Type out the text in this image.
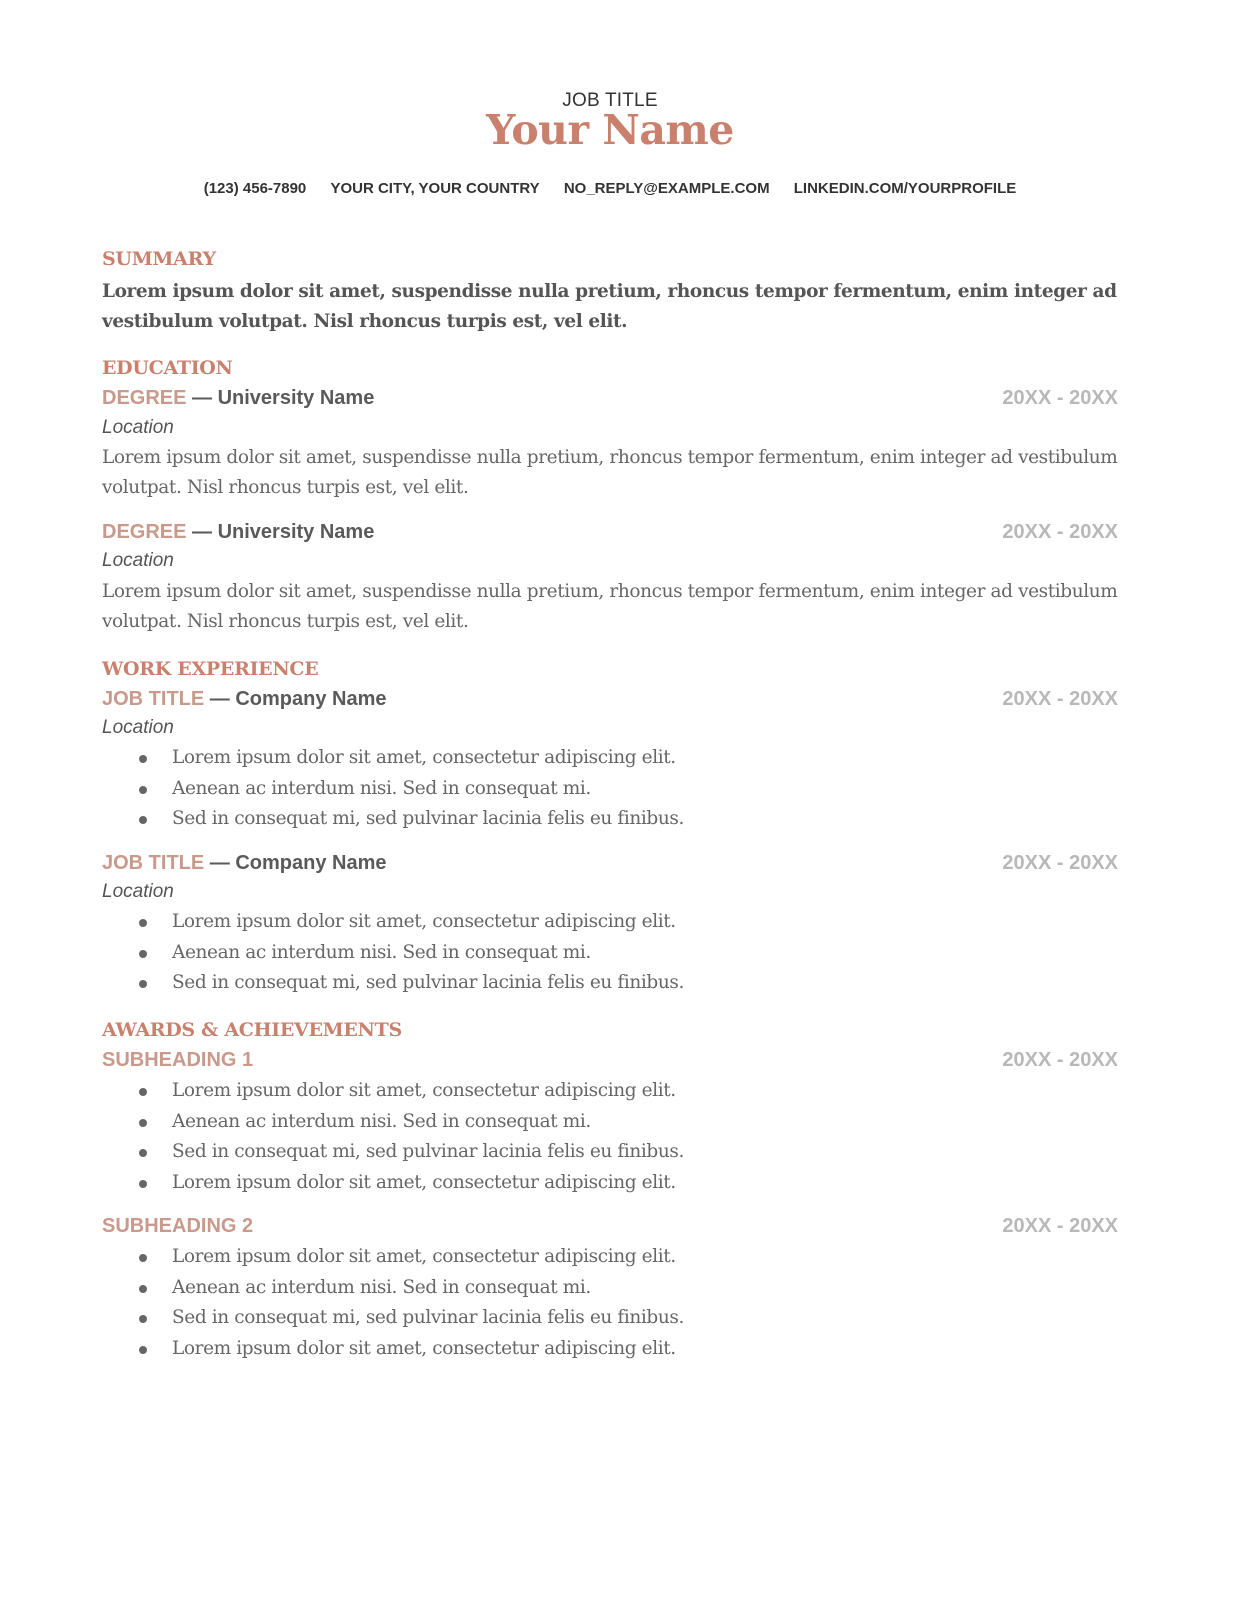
JOB TITLE
Your Name
(123) 456-7890 YOUR CITY, YOUR COUNTRY NO_REPLY@EXAMPLE.COM LINKEDIN.COM/YOURPROFILE
SUMMARY
Lorem ipsum dolor sit amet, suspendisse nulla pretium, rhoncus tempor fermentum, enim integer ad vestibulum volutpat. Nisl rhoncus turpis est, vel elit.
EDUCATION
DEGREE — University Name	20XX - 20XX
Location
Lorem ipsum dolor sit amet, suspendisse nulla pretium, rhoncus tempor fermentum, enim integer ad vestibulum volutpat. Nisl rhoncus turpis est, vel elit.
DEGREE — University Name	20XX - 20XX
Location
Lorem ipsum dolor sit amet, suspendisse nulla pretium, rhoncus tempor fermentum, enim integer ad vestibulum volutpat. Nisl rhoncus turpis est, vel elit.
WORK EXPERIENCE
JOB TITLE — Company Name	20XX - 20XX
Location
Lorem ipsum dolor sit amet, consectetur adipiscing elit.
Aenean ac interdum nisi. Sed in consequat mi.
Sed in consequat mi, sed pulvinar lacinia felis eu finibus.
JOB TITLE — Company Name	20XX - 20XX
Location
Lorem ipsum dolor sit amet, consectetur adipiscing elit.
Aenean ac interdum nisi. Sed in consequat mi.
Sed in consequat mi, sed pulvinar lacinia felis eu finibus.
AWARDS & ACHIEVEMENTS
SUBHEADING 1	20XX - 20XX
Lorem ipsum dolor sit amet, consectetur adipiscing elit.
Aenean ac interdum nisi. Sed in consequat mi.
Sed in consequat mi, sed pulvinar lacinia felis eu finibus.
Lorem ipsum dolor sit amet, consectetur adipiscing elit.
SUBHEADING 2	20XX - 20XX
Lorem ipsum dolor sit amet, consectetur adipiscing elit.
Aenean ac interdum nisi. Sed in consequat mi.
Sed in consequat mi, sed pulvinar lacinia felis eu finibus.
Lorem ipsum dolor sit amet, consectetur adipiscing elit.
